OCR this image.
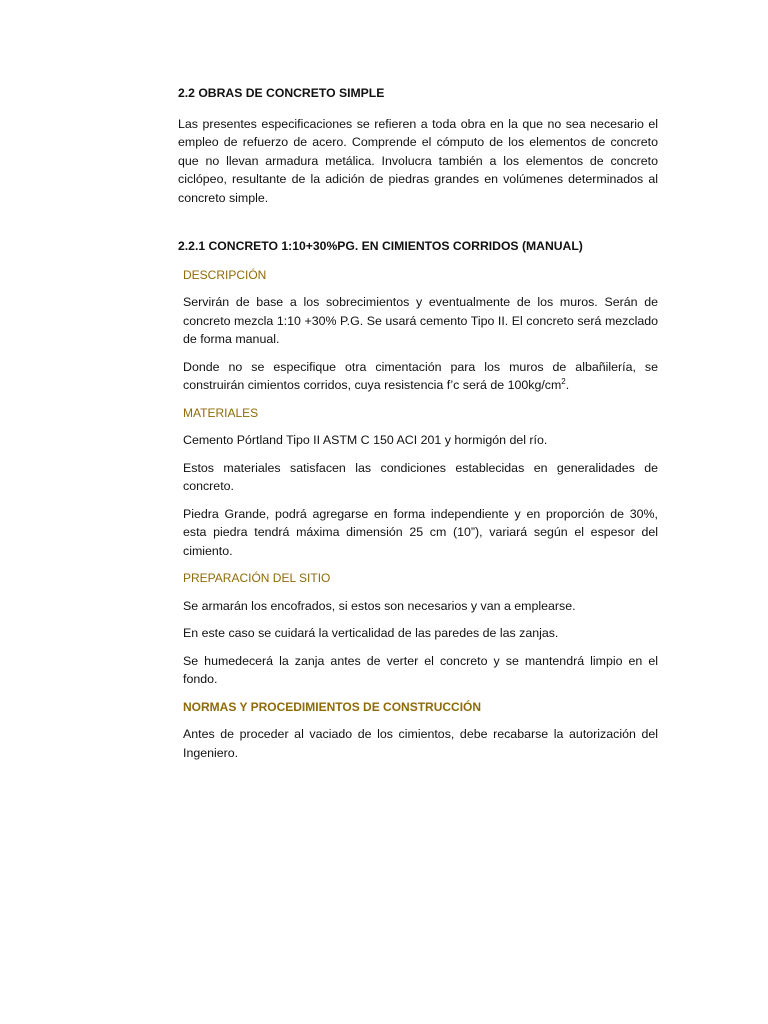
2.2 OBRAS DE CONCRETO SIMPLE
Las presentes especificaciones se refieren a toda obra en la que no sea necesario el empleo de refuerzo de acero. Comprende el cómputo de los elementos de concreto que no llevan armadura metálica. Involucra también a los elementos de concreto ciclópeo, resultante de la adición de piedras grandes en volúmenes determinados al concreto simple.
2.2.1 CONCRETO 1:10+30%PG. EN CIMIENTOS CORRIDOS (MANUAL)
DESCRIPCIÓN
Servirán de base a los sobrecimientos y eventualmente de los muros. Serán de concreto mezcla 1:10 +30% P.G. Se usará cemento Tipo II. El concreto será mezclado de forma manual.
Donde no se especifique otra cimentación para los muros de albañilería, se construirán cimientos corridos, cuya resistencia f’c será de $100kg/cm^2$.
MATERIALES
Cemento Pórtland Tipo II ASTM C 150 ACI 201 y hormigón del río.
Estos materiales satisfacen las condiciones establecidas en generalidades de concreto.
Piedra Grande, podrá agregarse en forma independiente y en proporción de 30%, esta piedra tendrá máxima dimensión 25 cm (10”), variará según el espesor del cimiento.
PREPARACIÓN DEL SITIO
Se armarán los encofrados, si estos son necesarios y van a emplearse.
En este caso se cuidará la verticalidad de las paredes de las zanjas.
Se humedecerá la zanja antes de verter el concreto y se mantendrá limpio en el fondo.
NORMAS Y PROCEDIMIENTOS DE CONSTRUCCIÓN
Antes de proceder al vaciado de los cimientos, debe recabarse la autorización del Ingeniero.
